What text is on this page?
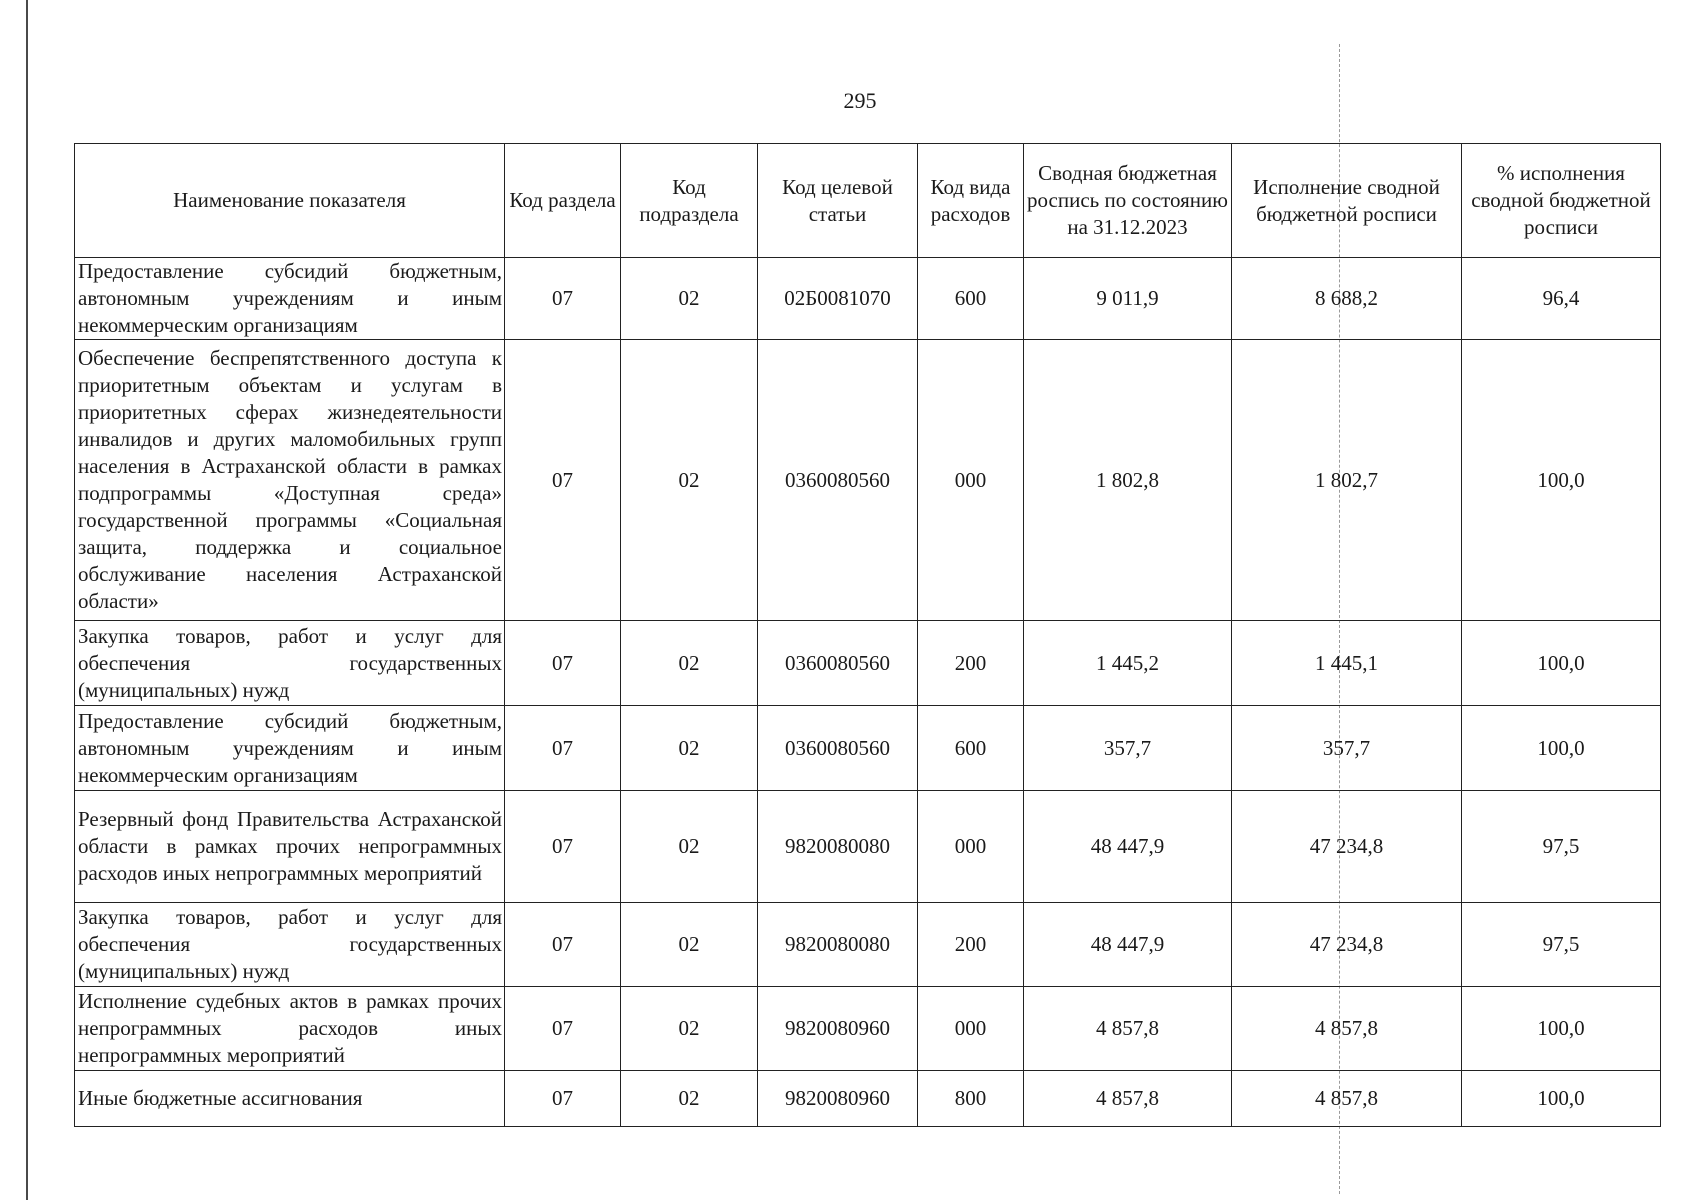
295
Наименование показателя	Код раздела	Код подраздела	Код целевой статьи	Код вида расходов	Сводная бюджетная роспись по состоянию на 31.12.2023	Исполнение сводной бюджетной росписи	% исполнения сводной бюджетной росписи
Предоставление субсидий бюджетным, автономным учреждениям и иным некоммерческим организациям	07	02	02Б0081070	600	9 011,9	8 688,2	96,4
Обеспечение беспрепятственного доступа к приоритетным объектам и услугам в приоритетных сферах жизнедеятельности инвалидов и других маломобильных групп населения в Астраханской области в рамках подпрограммы «Доступная среда» государственной программы «Социальная защита, поддержка и социальное обслуживание населения Астраханской области»	07	02	0360080560	000	1 802,8	1 802,7	100,0
Закупка товаров, работ и услуг для обеспечения государственных (муниципальных) нужд	07	02	0360080560	200	1 445,2	1 445,1	100,0
Предоставление субсидий бюджетным, автономным учреждениям и иным некоммерческим организациям	07	02	0360080560	600	357,7	357,7	100,0
Резервный фонд Правительства Астраханской области в рамках прочих непрограммных расходов иных непрограммных мероприятий	07	02	9820080080	000	48 447,9	47 234,8	97,5
Закупка товаров, работ и услуг для обеспечения государственных (муниципальных) нужд	07	02	9820080080	200	48 447,9	47 234,8	97,5
Исполнение судебных актов в рамках прочих непрограммных расходов иных непрограммных мероприятий	07	02	9820080960	000	4 857,8	4 857,8	100,0
Иные бюджетные ассигнования	07	02	9820080960	800	4 857,8	4 857,8	100,0
